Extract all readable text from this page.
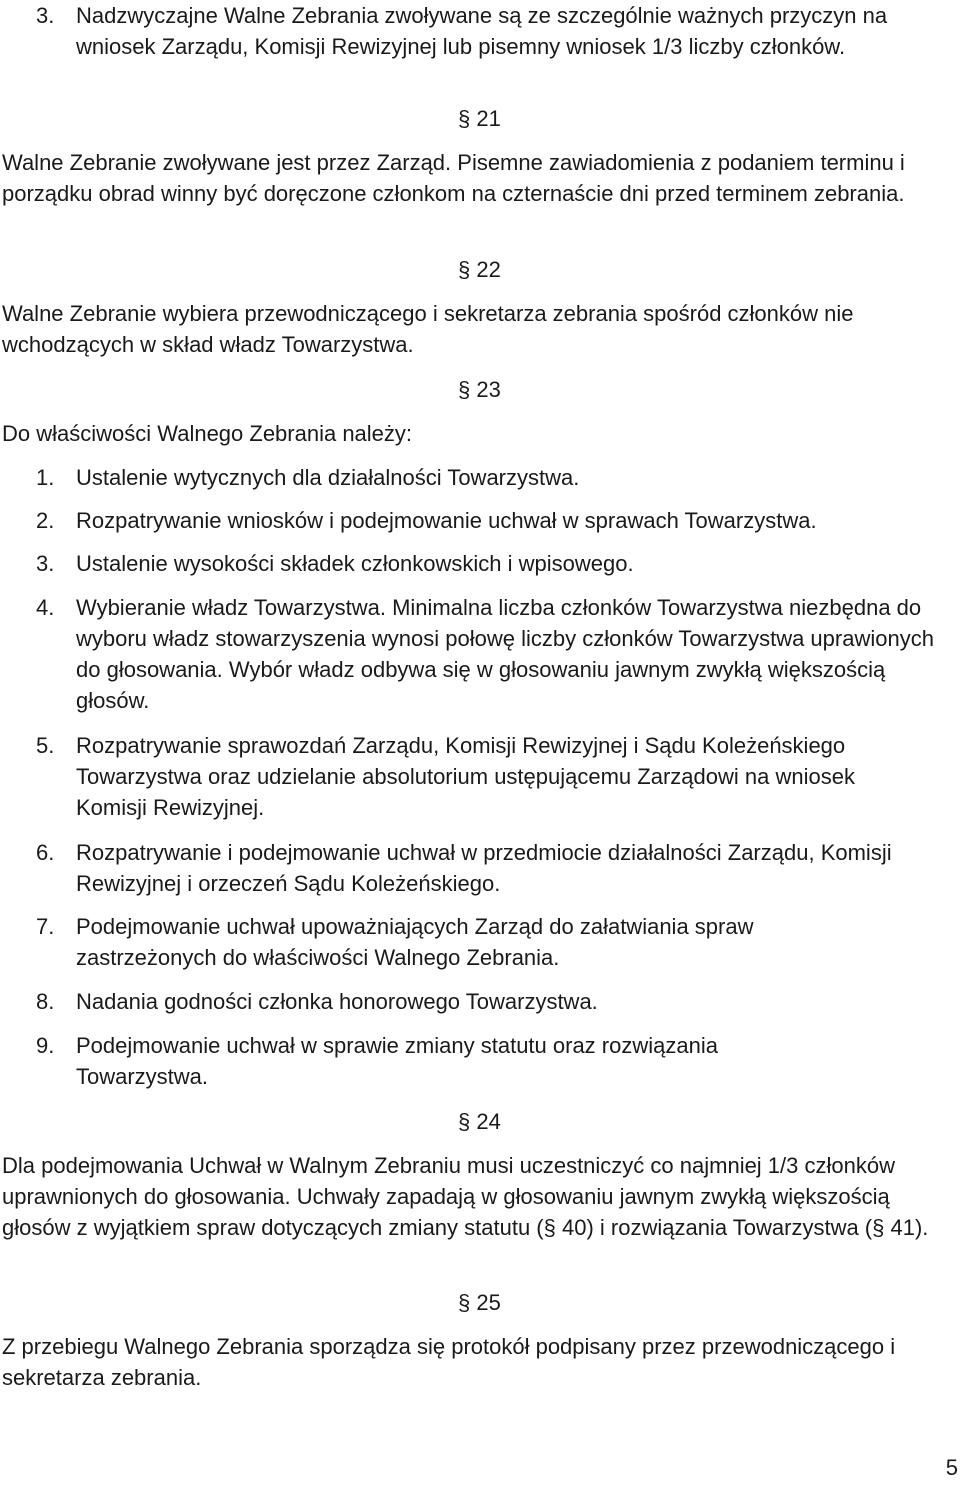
3. Nadzwyczajne Walne Zebrania zwoływane są ze szczególnie ważnych przyczyn na wniosek Zarządu, Komisji Rewizyjnej lub pisemny wniosek 1/3 liczby członków.

§ 21

Walne Zebranie zwoływane jest przez Zarząd. Pisemne zawiadomienia z podaniem terminu i porządku obrad winny być doręczone członkom na czternaście dni przed terminem zebrania.

§ 22

Walne Zebranie wybiera przewodniczącego i sekretarza zebrania spośród członków nie wchodzących w skład władz Towarzystwa.

§ 23

Do właściwości Walnego Zebrania należy:

1. Ustalenie wytycznych dla działalności Towarzystwa.
2. Rozpatrywanie wniosków i podejmowanie uchwał w sprawach Towarzystwa.
3. Ustalenie wysokości składek członkowskich i wpisowego.
4. Wybieranie władz Towarzystwa. Minimalna liczba członków Towarzystwa niezbędna do wyboru władz stowarzyszenia wynosi połowę liczby członków Towarzystwa uprawionych do głosowania. Wybór władz odbywa się w głosowaniu jawnym zwykłą większością głosów.
5. Rozpatrywanie sprawozdań Zarządu, Komisji Rewizyjnej i Sądu Koleżeńskiego Towarzystwa oraz udzielanie absolutorium ustępującemu Zarządowi na wniosek Komisji Rewizyjnej.
6. Rozpatrywanie i podejmowanie uchwał w przedmiocie działalności Zarządu, Komisji Rewizyjnej i orzeczeń Sądu Koleżeńskiego.
7. Podejmowanie uchwał upoważniających Zarząd do załatwiania spraw zastrzeżonych do właściwości Walnego Zebrania.
8. Nadania godności członka honorowego Towarzystwa.
9. Podejmowanie uchwał w sprawie zmiany statutu oraz rozwiązania Towarzystwa.

§ 24

Dla podejmowania Uchwał w Walnym Zebraniu musi uczestniczyć co najmniej 1/3 członków uprawnionych do głosowania. Uchwały zapadają w głosowaniu jawnym zwykłą większością głosów z wyjątkiem spraw dotyczących zmiany statutu (§ 40) i rozwiązania Towarzystwa (§ 41).

§ 25

Z przebiegu Walnego Zebrania sporządza się protokół podpisany przez przewodniczącego i sekretarza zebrania.

5
